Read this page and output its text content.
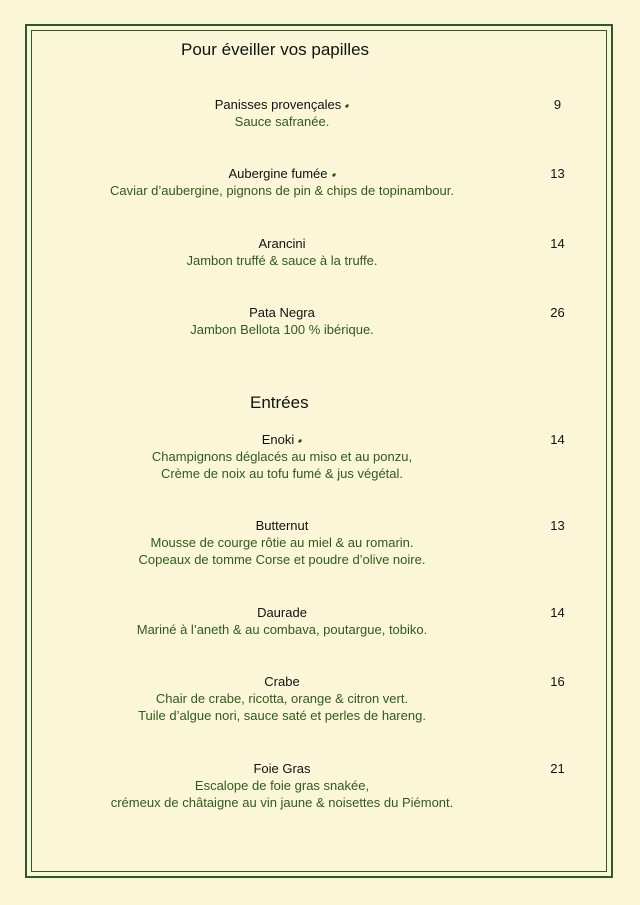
Pour éveiller vos papilles
Panisses provençales
Sauce safranée.
9
Aubergine fumée
Caviar d’aubergine, pignons de pin & chips de topinambour.
13
Arancini
Jambon truffé & sauce à la truffe.
14
Pata Negra
Jambon Bellota 100 % ibérique.
26
Entrées
Enoki
Champignons déglacés au miso et au ponzu,
Crème de noix au tofu fumé & jus végétal.
14
Butternut
Mousse de courge rôtie au miel & au romarin.
Copeaux de tomme Corse et poudre d’olive noire.
13
Daurade
Mariné à l’aneth & au combava, poutargue, tobiko.
14
Crabe
Chair de crabe, ricotta, orange & citron vert.
Tuile d’algue nori, sauce saté et perles de hareng.
16
Foie Gras
Escalope de foie gras snakée,
crémeux de châtaigne au vin jaune & noisettes du Piémont.
21
